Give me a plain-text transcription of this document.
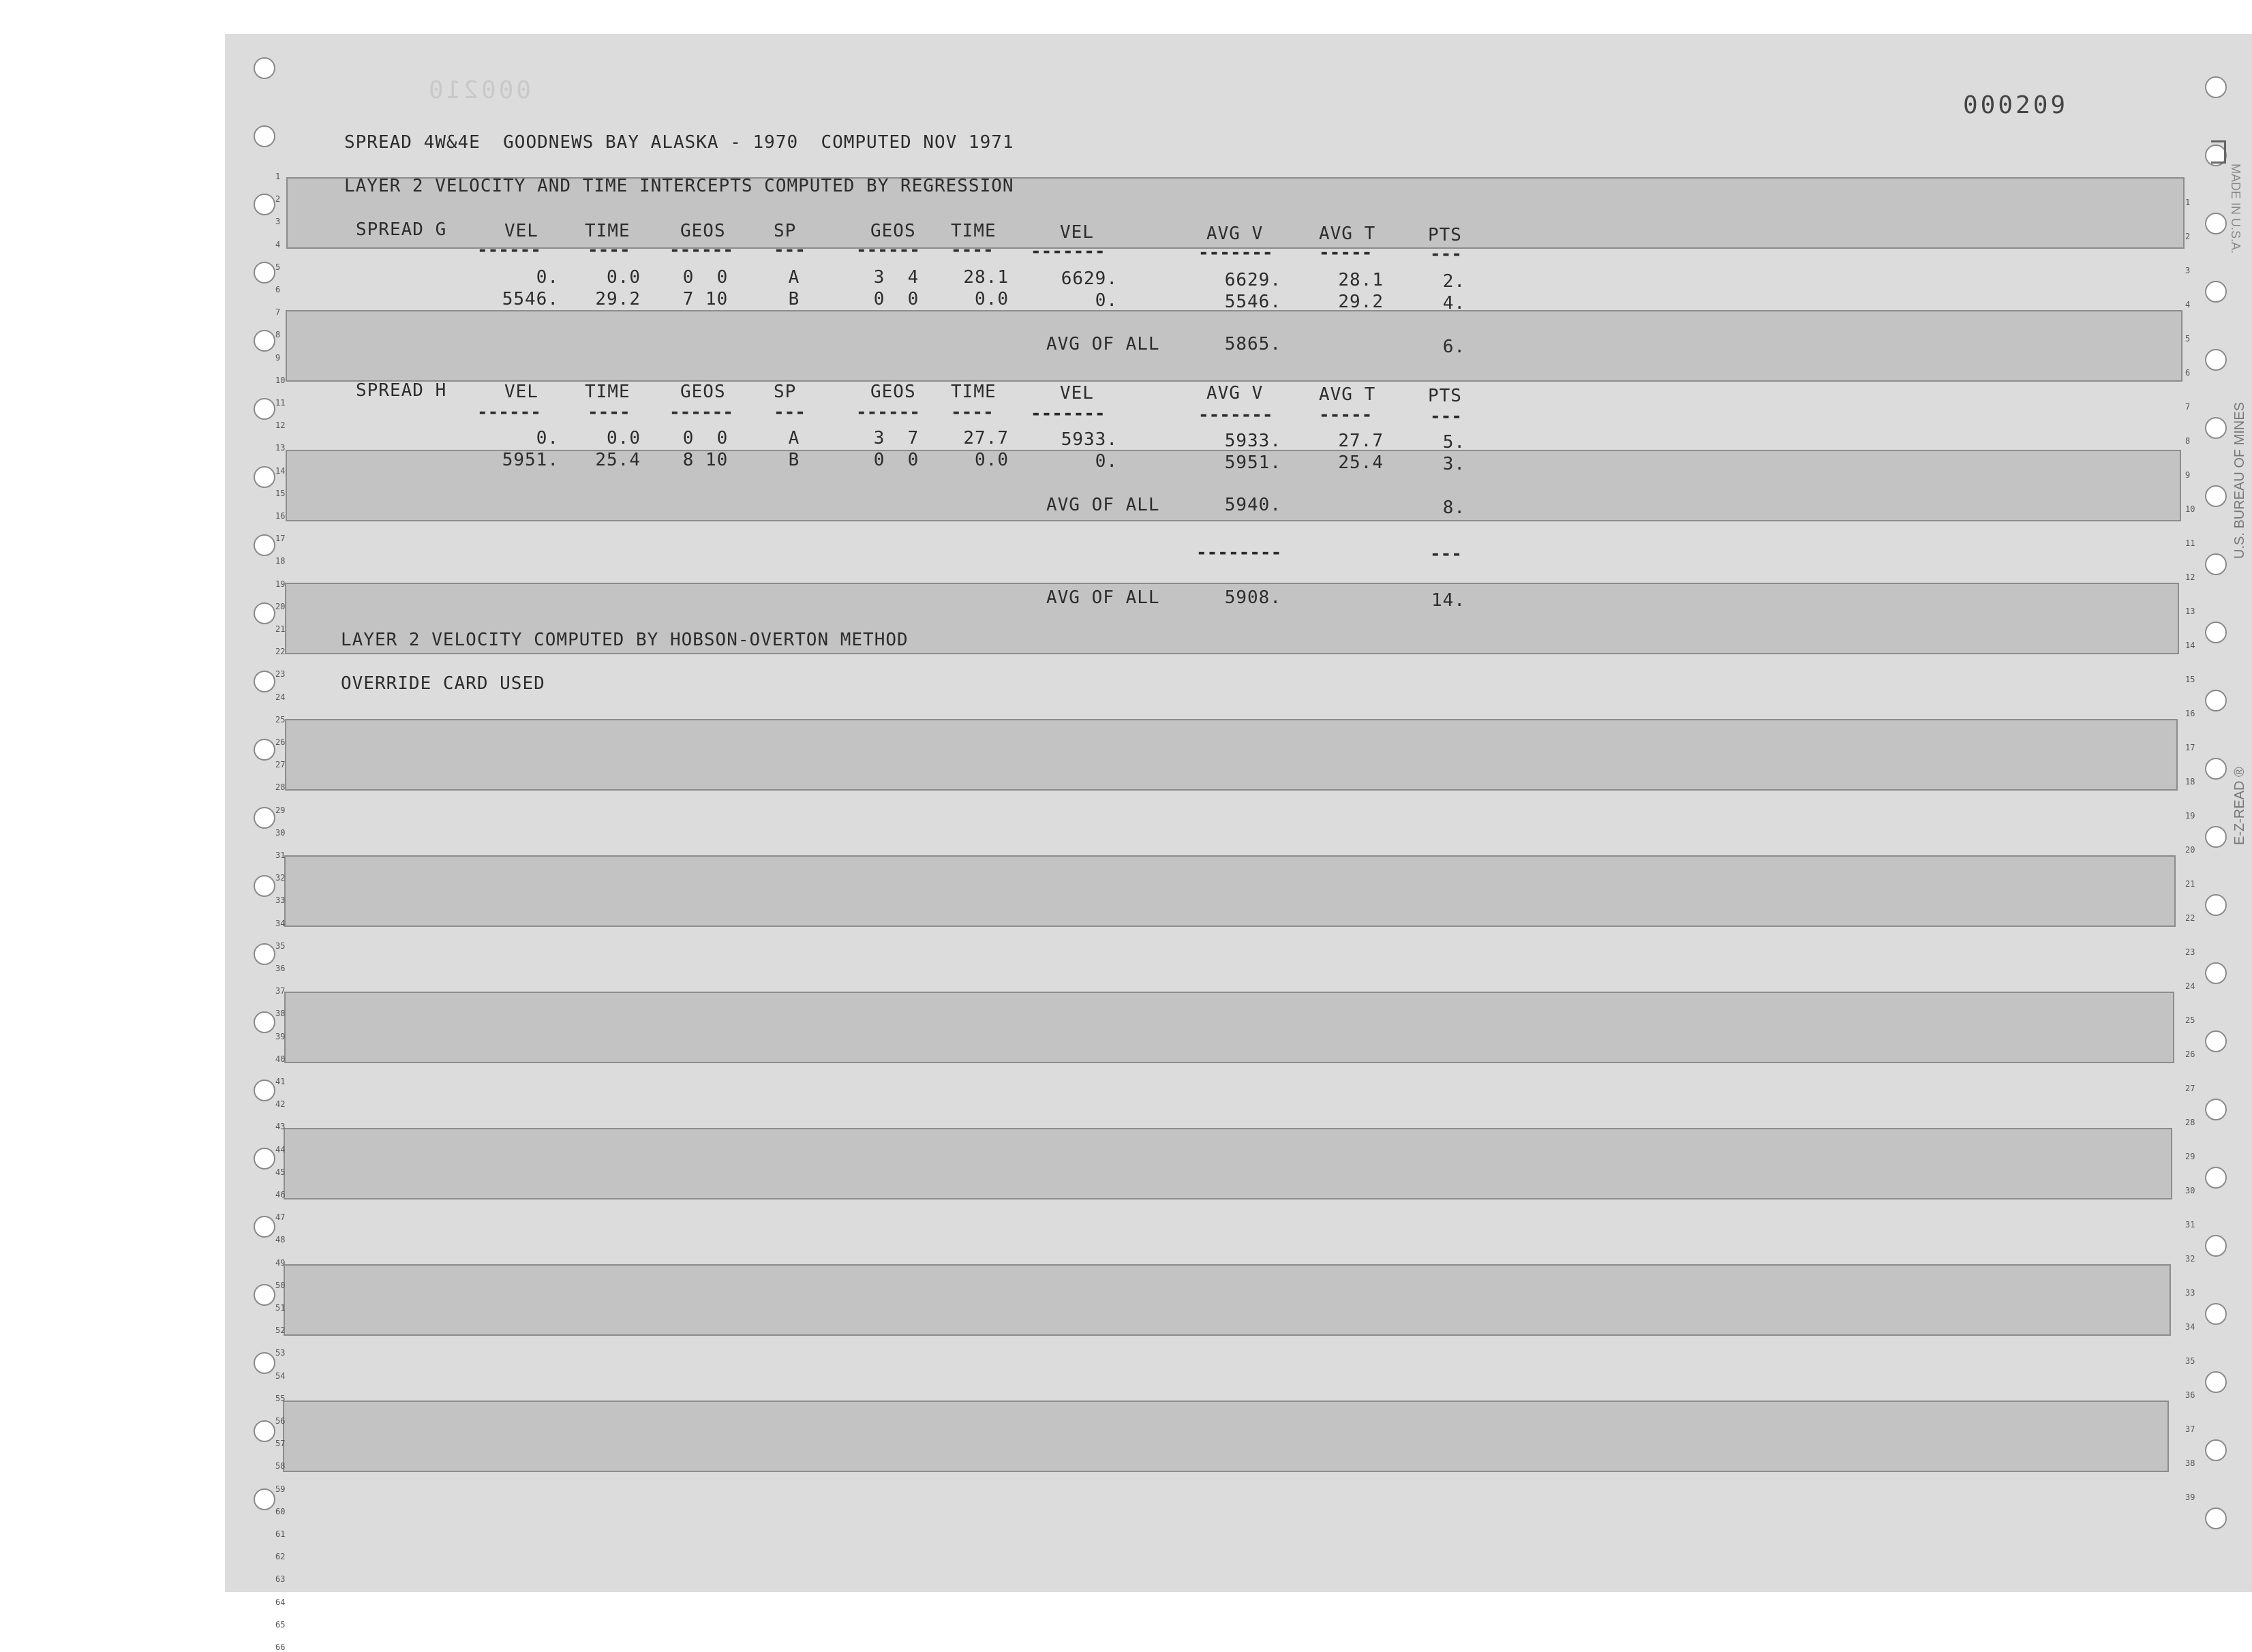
1
2
3
4
5
6
7
8
9
10
11
12
13
14
15
16
17
18
19
20
21
22
23
24
25
26
27
28
29
30
31
32
33
34
35
36
37
38
39
40
41
42
43
44
45
46
47
48
49
50
51
52
53
54
55
56
57
58
59
60
61
62
63
64
65
66
1
2
3
4
5
6
7
8
9
10
11
12
13
14
15
16
17
18
19
20
21
22
23
24
25
26
27
28
29
30
31
32
33
34
35
36
37
38
39
000210
000209
MADE IN U.S.A.
U.S. BUREAU OF MINES
E-Z-READ ®
SPREAD 4W&4E  GOODNEWS BAY ALASKA - 1970  COMPUTED NOV 1971
LAYER 2 VELOCITY AND TIME INTERCEPTS COMPUTED BY REGRESSION
SPREAD G	VEL	TIME	GEOS	SP	GEOS TIME	VEL	AVG V	AVG T	PTS
------	---- ------ ---	------ ---- -------	-------	-----	---
0.	0.0	0  0	A	3  4	28.1	6629.	6629.	28.1	2.
5546.	29.2	7 10	B	0  0	0.0	0.	5546.	29.2	4.
AVG OF ALL	5865.	6.
SPREAD H	VEL	TIME	GEOS	SP	GEOS TIME	VEL	AVG V	AVG T	PTS
------	---- ------ ---	------ ---- -------	-------	-----	---
0.	0.0	0  0	A	3  7	27.7	5933.	5933.	27.7	5.
5951.	25.4	8 10	B	0  0	0.0	0.	5951.	25.4	3.
AVG OF ALL	5940.	8.
--------	---
AVG OF ALL	5908.	14.
LAYER 2 VELOCITY COMPUTED BY HOBSON-OVERTON METHOD
OVERRIDE CARD USED
